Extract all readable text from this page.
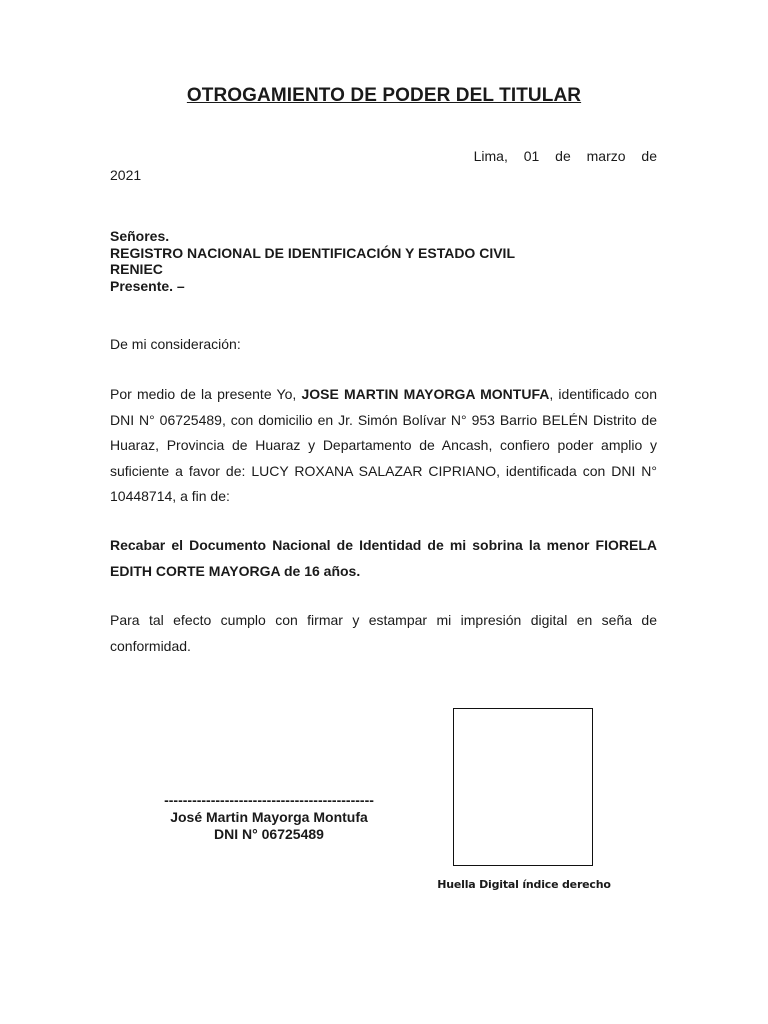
OTROGAMIENTO DE PODER DEL TITULAR
Lima, 01 de marzo de
2021
Señores.
REGISTRO NACIONAL DE IDENTIFICACIÓN Y ESTADO CIVIL
RENIEC
Presente. –
De mi consideración:
Por medio de la presente Yo, JOSE MARTIN MAYORGA MONTUFA, identificado con DNI N° 06725489, con domicilio en Jr. Simón Bolívar N° 953 Barrio BELÉN Distrito de Huaraz, Provincia de Huaraz y Departamento de Ancash, confiero poder amplio y suficiente a favor de: LUCY ROXANA SALAZAR CIPRIANO, identificada con DNI N° 10448714, a fin de:
Recabar el Documento Nacional de Identidad de mi sobrina la menor FIORELA EDITH CORTE MAYORGA de 16 años.
Para tal efecto cumplo con firmar y estampar mi impresión digital en seña de conformidad.
---------------------------------------------
José Martin Mayorga Montufa
DNI N° 06725489
Huella Digital índice derecho
